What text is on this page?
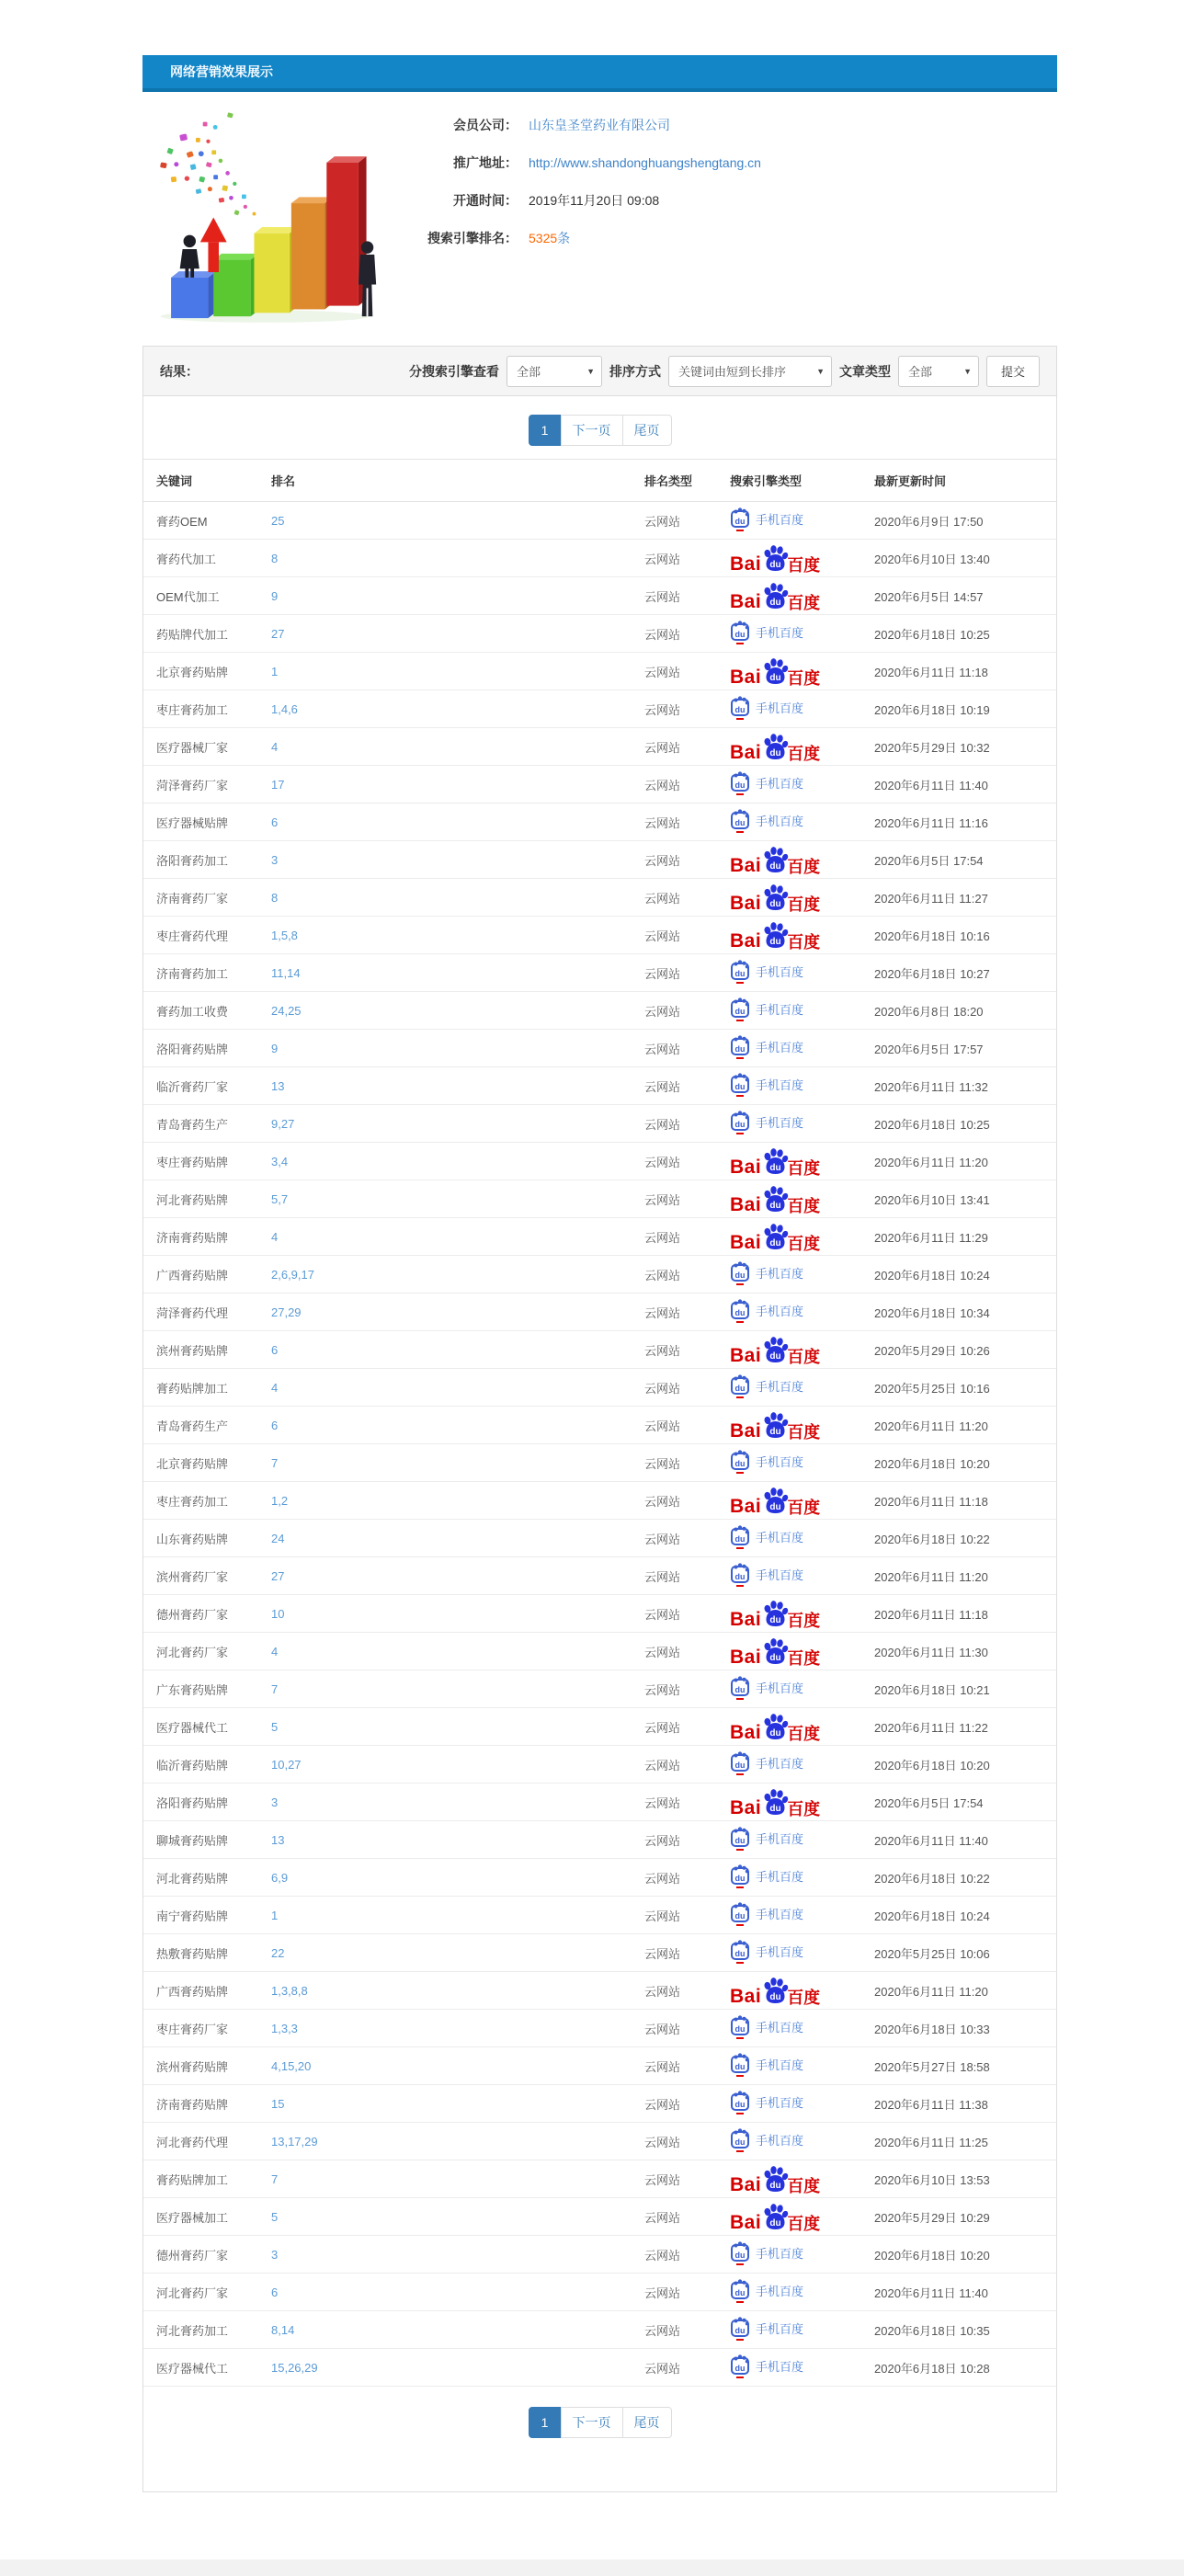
网络营销效果展示
会员公司： 山东皇圣堂药业有限公司
推广地址： http://www.shandonghuangshengtang.cn
开通时间： 2019年11月20日 09:08
搜索引擎排名： 5325条
结果：	分搜索引擎查看 全部	▼ 排序方式 关键词由短到长排序	▼ 文章类型 全部	▼	提交
1	下一页	尾页
关键词	排名	排名类型	搜索引擎类型	最新更新时间
膏药OEM	25	云网站	du 手机百度	2020年6月9日 17:50
膏药代加工	8	云网站	Bai du 百度	2020年6月10日 13:40
OEM代加工	9	云网站	Bai du 百度	2020年6月5日 14:57
药贴牌代加工	27	云网站	du 手机百度	2020年6月18日 10:25
北京膏药贴牌	1	云网站	Bai du 百度	2020年6月11日 11:18
枣庄膏药加工	1,4,6	云网站	du 手机百度	2020年6月18日 10:19
医疗器械厂家	4	云网站	Bai du 百度	2020年5月29日 10:32
菏泽膏药厂家	17	云网站	du 手机百度	2020年6月11日 11:40
医疗器械贴牌	6	云网站	du 手机百度	2020年6月11日 11:16
洛阳膏药加工	3	云网站	Bai du 百度	2020年6月5日 17:54
济南膏药厂家	8	云网站	Bai du 百度	2020年6月11日 11:27
枣庄膏药代理	1,5,8	云网站	Bai du 百度	2020年6月18日 10:16
济南膏药加工	11,14	云网站	du 手机百度	2020年6月18日 10:27
膏药加工收费	24,25	云网站	du 手机百度	2020年6月8日 18:20
洛阳膏药贴牌	9	云网站	du 手机百度	2020年6月5日 17:57
临沂膏药厂家	13	云网站	du 手机百度	2020年6月11日 11:32
青岛膏药生产	9,27	云网站	du 手机百度	2020年6月18日 10:25
枣庄膏药贴牌	3,4	云网站	Bai du 百度	2020年6月11日 11:20
河北膏药贴牌	5,7	云网站	Bai du 百度	2020年6月10日 13:41
济南膏药贴牌	4	云网站	Bai du 百度	2020年6月11日 11:29
广西膏药贴牌	2,6,9,17	云网站	du 手机百度	2020年6月18日 10:24
菏泽膏药代理	27,29	云网站	du 手机百度	2020年6月18日 10:34
滨州膏药贴牌	6	云网站	Bai du 百度	2020年5月29日 10:26
膏药贴牌加工	4	云网站	du 手机百度	2020年5月25日 10:16
青岛膏药生产	6	云网站	Bai du 百度	2020年6月11日 11:20
北京膏药贴牌	7	云网站	du 手机百度	2020年6月18日 10:20
枣庄膏药加工	1,2	云网站	Bai du 百度	2020年6月11日 11:18
山东膏药贴牌	24	云网站	du 手机百度	2020年6月18日 10:22
滨州膏药厂家	27	云网站	du 手机百度	2020年6月11日 11:20
德州膏药厂家	10	云网站	Bai du 百度	2020年6月11日 11:18
河北膏药厂家	4	云网站	Bai du 百度	2020年6月11日 11:30
广东膏药贴牌	7	云网站	du 手机百度	2020年6月18日 10:21
医疗器械代工	5	云网站	Bai du 百度	2020年6月11日 11:22
临沂膏药贴牌	10,27	云网站	du 手机百度	2020年6月18日 10:20
洛阳膏药贴牌	3	云网站	Bai du 百度	2020年6月5日 17:54
聊城膏药贴牌	13	云网站	du 手机百度	2020年6月11日 11:40
河北膏药贴牌	6,9	云网站	du 手机百度	2020年6月18日 10:22
南宁膏药贴牌	1	云网站	du 手机百度	2020年6月18日 10:24
热敷膏药贴牌	22	云网站	du 手机百度	2020年5月25日 10:06
广西膏药贴牌	1,3,8,8	云网站	Bai du 百度	2020年6月11日 11:20
枣庄膏药厂家	1,3,3	云网站	du 手机百度	2020年6月18日 10:33
滨州膏药贴牌	4,15,20	云网站	du 手机百度	2020年5月27日 18:58
济南膏药贴牌	15	云网站	du 手机百度	2020年6月11日 11:38
河北膏药代理	13,17,29	云网站	du 手机百度	2020年6月11日 11:25
膏药贴牌加工	7	云网站	Bai du 百度	2020年6月10日 13:53
医疗器械加工	5	云网站	Bai du 百度	2020年5月29日 10:29
德州膏药厂家	3	云网站	du 手机百度	2020年6月18日 10:20
河北膏药厂家	6	云网站	du 手机百度	2020年6月11日 11:40
河北膏药加工	8,14	云网站	du 手机百度	2020年6月18日 10:35
医疗器械代工	15,26,29	云网站	du 手机百度	2020年6月18日 10:28
1	下一页	尾页
